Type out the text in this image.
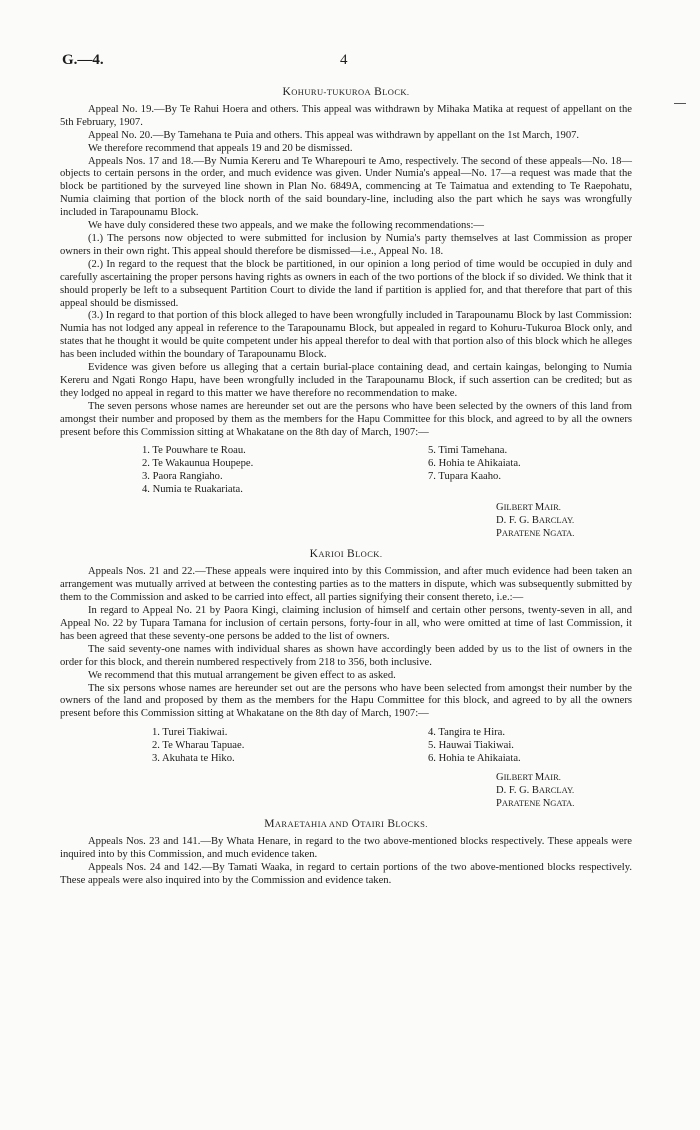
G.—4.	4
KOHURU-TUKUROA BLOCK.

Appeal No. 19.—By Te Rahui Hoera and others. This appeal was withdrawn by Mihaka Matika at request of appellant on the 5th February, 1907.

Appeal No. 20.—By Tamehana te Puia and others. This appeal was withdrawn by appellant on the 1st March, 1907.

We therefore recommend that appeals 19 and 20 be dismissed.

Appeals Nos. 17 and 18.—By Numia Kereru and Te Wharepouri te Amo, respectively. The second of these appeals—No. 18—objects to certain persons in the order, and much evidence was given. Under Numia's appeal—No. 17—a request was made that the block be partitioned by the surveyed line shown in Plan No. 6849A, commencing at Te Taimatua and extending to Te Raepohatu, Numia claiming that portion of the block north of the said boundary-line, including also the part which he says was wrongfully included in Tarapounamu Block.

We have duly considered these two appeals, and we make the following recommendations:—

(1.) The persons now objected to were submitted for inclusion by Numia's party themselves at last Commission as proper owners in their own right. This appeal should therefore be dismissed—i.e., Appeal No. 18.

(2.) In regard to the request that the block be partitioned, in our opinion a long period of time would be occupied in duly and carefully ascertaining the proper persons having rights as owners in each of the two portions of the block if so divided. We think that it should properly be left to a subsequent Partition Court to divide the land if partition is applied for, and that therefore that part of this appeal should be dismissed.

(3.) In regard to that portion of this block alleged to have been wrongfully included in Tarapounamu Block by last Commission: Numia has not lodged any appeal in reference to the Tarapounamu Block, but appealed in regard to Kohuru-Tukuroa Block only, and states that he thought it would be quite competent under his appeal therefor to deal with that portion also of this block which he alleges has been included within the boundary of Tarapounamu Block.

Evidence was given before us alleging that a certain burial-place containing dead, and certain kaingas, belonging to Numia Kereru and Ngati Rongo Hapu, have been wrongfully included in the Tarapounamu Block, if such assertion can be credited; but as they lodged no appeal in regard to this matter we have therefore no recommendation to make.

The seven persons whose names are hereunder set out are the persons who have been selected by the owners of this land from amongst their number and proposed by them as the members for the Hapu Committee for this block, and agreed to by all the owners present before this Commission sitting at Whakatane on the 8th day of March, 1907:—

1. Te Pouwhare te Roau.
2. Te Wakaunua Houpepe.
3. Paora Rangiaho.
4. Numia te Ruakariata.
5. Timi Tamehana.
6. Hohia te Ahikaiata.
7. Tupara Kaaho.
GILBERT MAIR.
D. F. G. BARCLAY.
PARATENE NGATA.
KARIOI BLOCK.

Appeals Nos. 21 and 22.—These appeals were inquired into by this Commission, and after much evidence had been taken an arrangement was mutually arrived at between the contesting parties as to the matters in dispute, which was subsequently submitted by them to the Commission and asked to be carried into effect, all parties signifying their consent thereto, i.e.:—

In regard to Appeal No. 21 by Paora Kingi, claiming inclusion of himself and certain other persons, twenty-seven in all, and Appeal No. 22 by Tupara Tamana for inclusion of certain persons, forty-four in all, who were omitted at time of last Commission, it has been agreed that these seventy-one persons be added to the list of owners.

The said seventy-one names with individual shares as shown have accordingly been added by us to the list of owners in the order for this block, and therein numbered respectively from 218 to 356, both inclusive.

We recommend that this mutual arrangement be given effect to as asked.

The six persons whose names are hereunder set out are the persons who have been selected from amongst their number by the owners of the land and proposed by them as the members for the Hapu Committee for this block, and agreed to by all the owners present before this Commission sitting at Whakatane on the 8th day of March, 1907:—

1. Turei Tiakiwai.
2. Te Wharau Tapuae.
3. Akuhata te Hiko.
4. Tangira te Hira.
5. Hauwai Tiakiwai.
6. Hohia te Ahikaiata.
GILBERT MAIR.
D. F. G. BARCLAY.
PARATENE NGATA.
MARAETAHIA AND OTAIRI BLOCKS.

Appeals Nos. 23 and 141.—By Whata Henare, in regard to the two above-mentioned blocks respectively. These appeals were inquired into by this Commission, and much evidence taken.

Appeals Nos. 24 and 142.—By Tamati Waaka, in regard to certain portions of the two above-mentioned blocks respectively. These appeals were also inquired into by the Commission and evidence taken.
